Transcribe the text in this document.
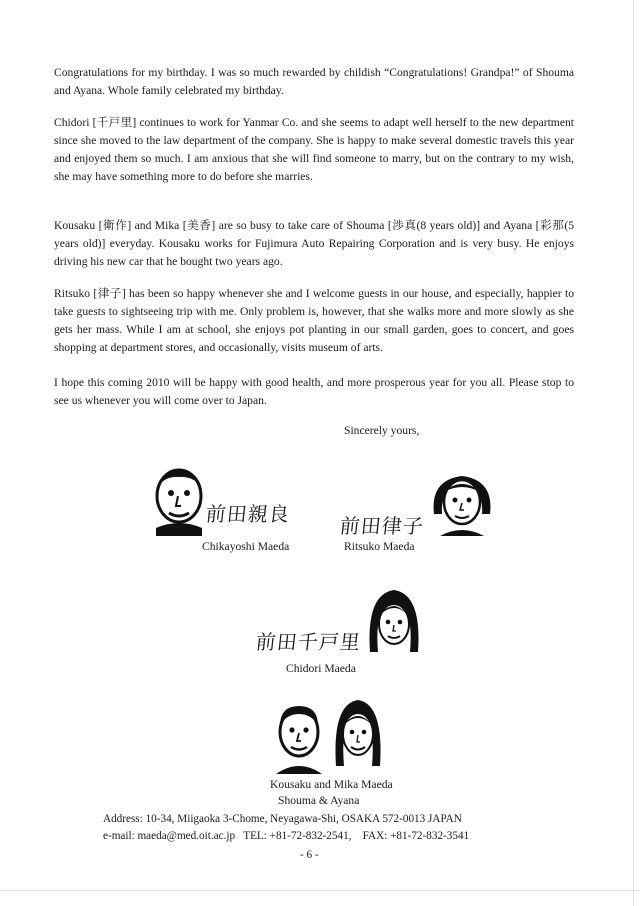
Congratulations for my birthday. I was so much rewarded by childish “Congratulations! Grandpa!” of Shouma and Ayana. Whole family celebrated my birthday.

Chidori [千戸里] continues to work for Yanmar Co. and she seems to adapt well herself to the new department since she moved to the law department of the company. She is happy to make several domestic travels this year and enjoyed them so much. I am anxious that she will find someone to marry, but on the contrary to my wish, she may have something more to do before she marries.

Kousaku [衛作] and Mika [美香] are so busy to take care of Shouma [渉真(8 years old)] and Ayana [彩那(5 years old)] everyday. Kousaku works for Fujimura Auto Repairing Corporation and is very busy. He enjoys driving his new car that he bought two years ago.

Ritsuko [律子] has been so happy whenever she and I welcome guests in our house, and especially, happier to take guests to sightseeing trip with me. Only problem is, however, that she walks more and more slowly as she gets her mass. While I am at school, she enjoys pot planting in our small garden, goes to concert, and goes shopping at department stores, and occasionally, visits museum of arts.

I hope this coming 2010 will be happy with good health, and more prosperous year for you all. Please stop to see us whenever you will come over to Japan.

Sincerely yours,
前田親良
Chikayoshi Maeda
前田律子
Ritsuko Maeda
前田千戸里
Chidori Maeda
Kousaku and Mika Maeda
Shouma & Ayana
Address: 10-34, Miigaoka 3-Chome, Neyagawa-Shi, OSAKA 572-0013 JAPAN
e-mail: maeda@med.oit.ac.jp   TEL: +81-72-832-2541,    FAX: +81-72-832-3541
- 6 -
